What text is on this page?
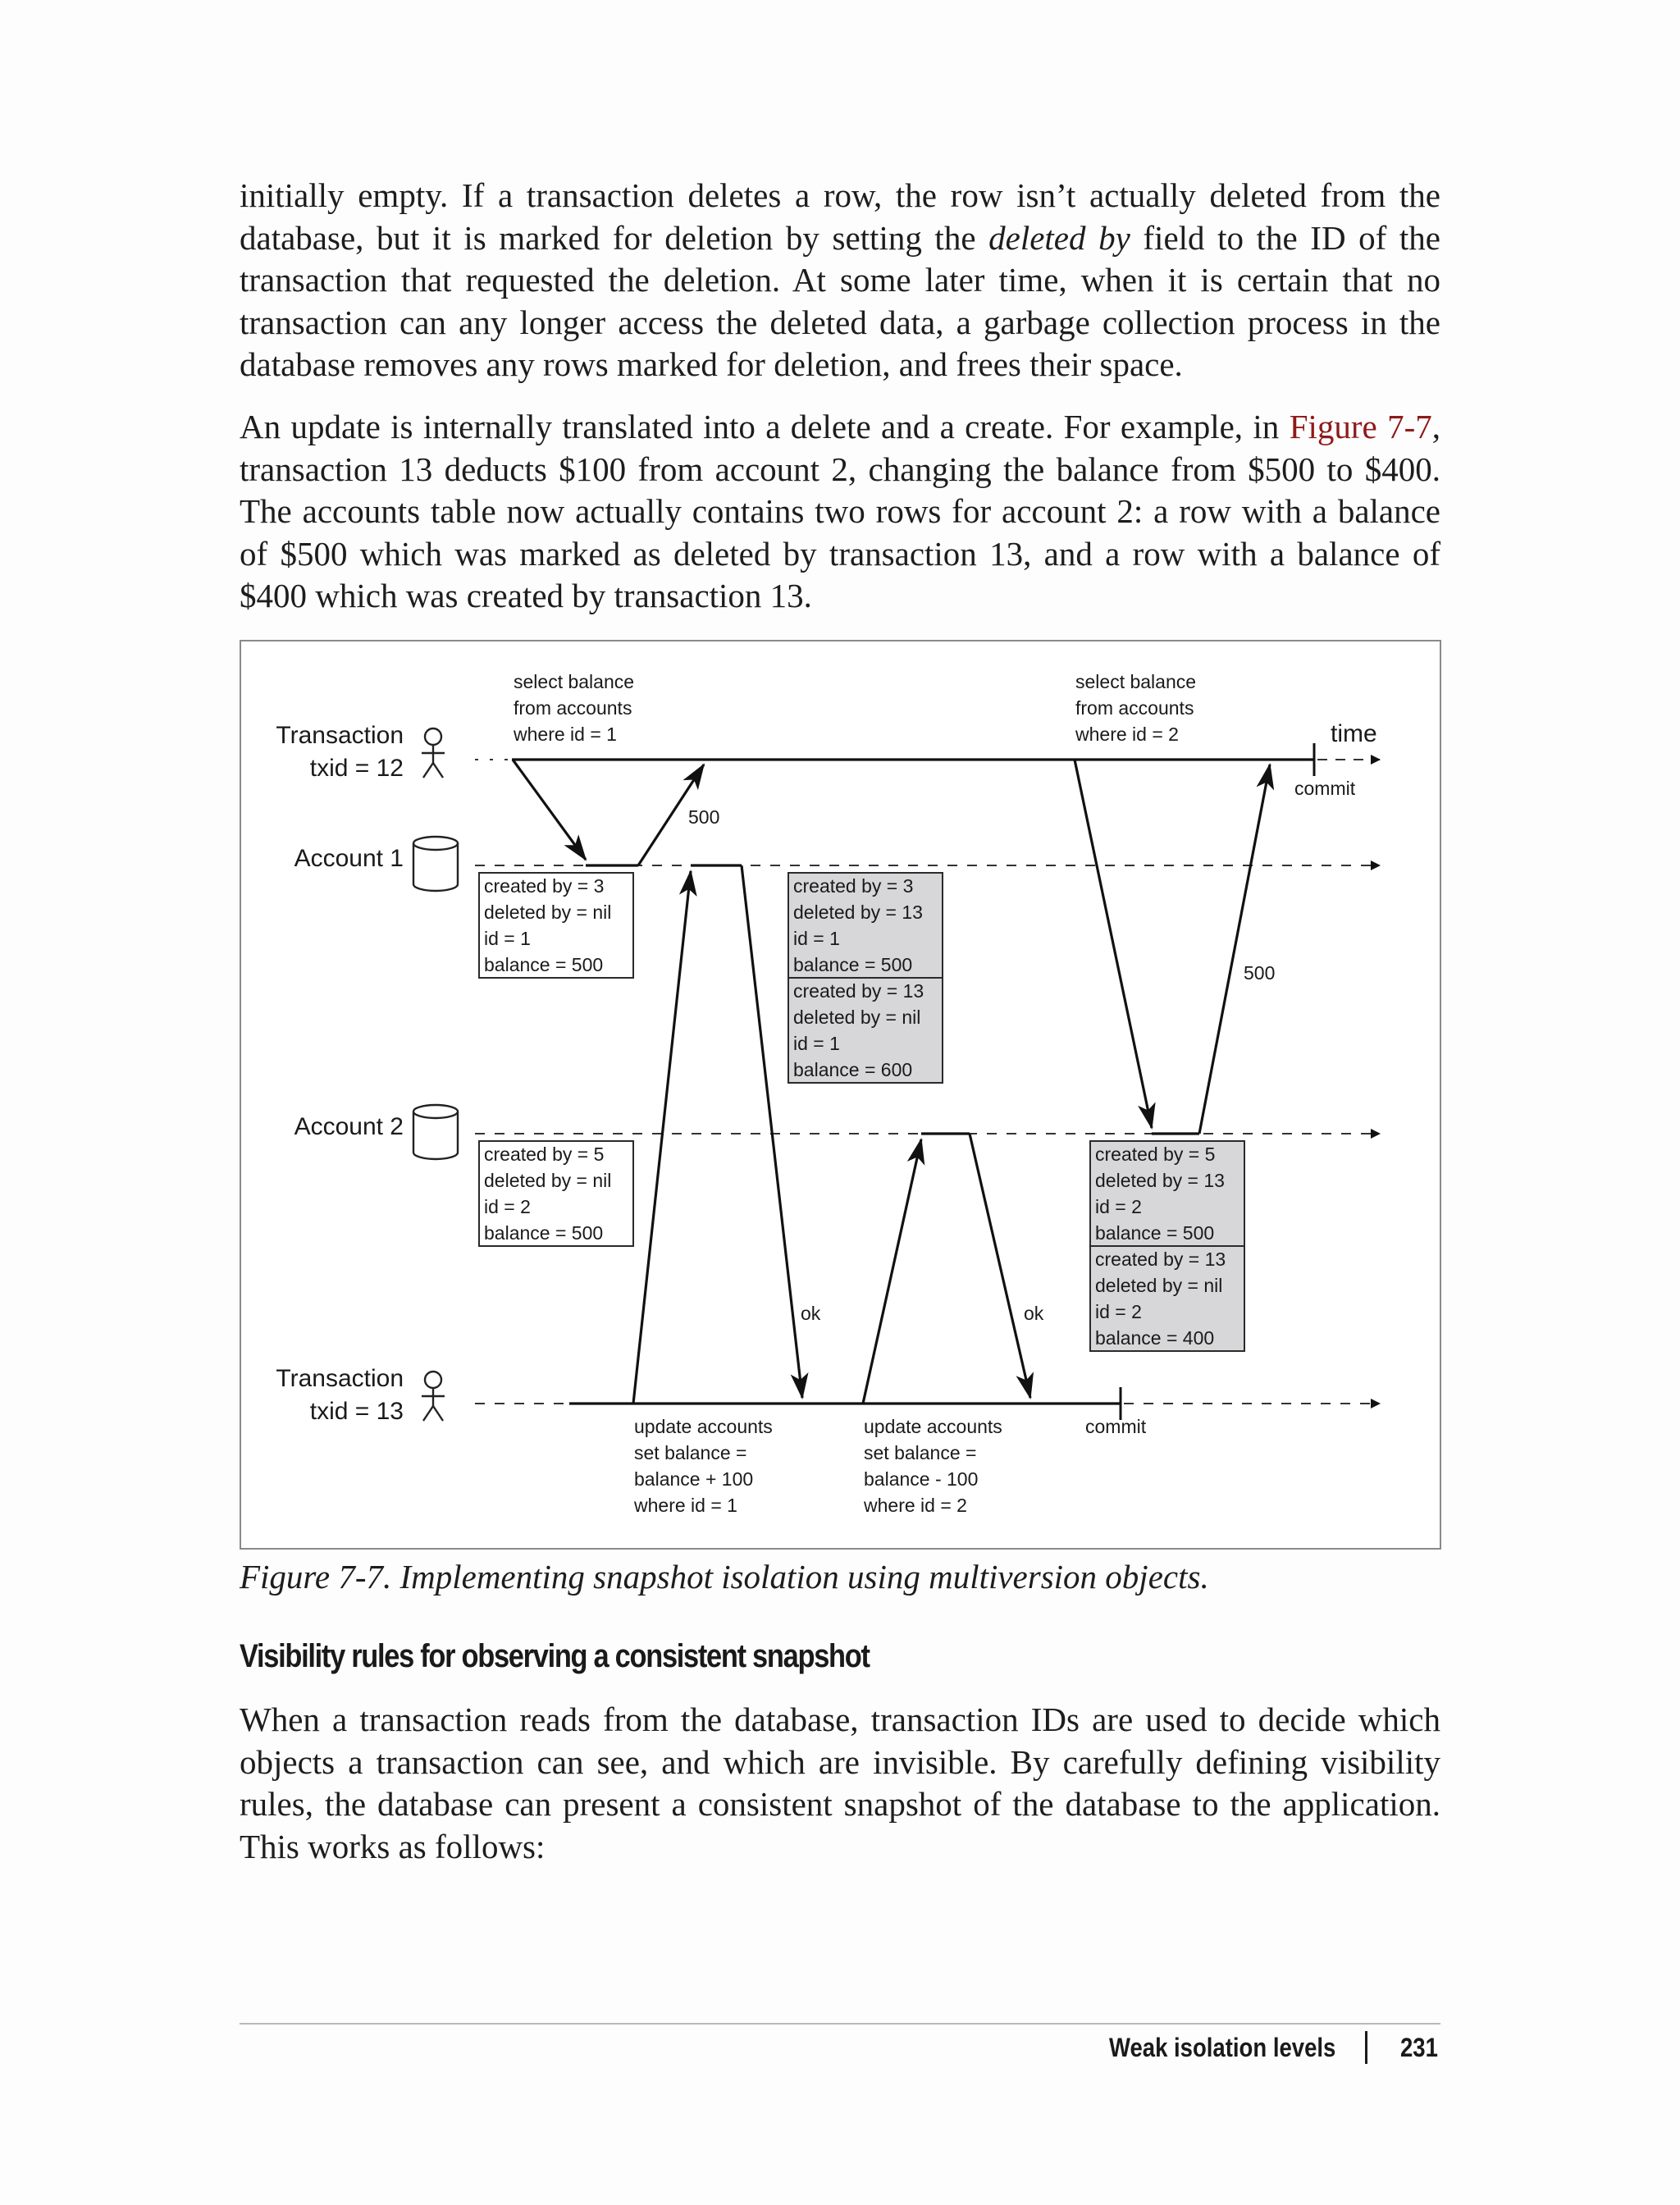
initially empty. If a transaction deletes a row, the row isn’t actually deleted from the database, but it is marked for deletion by setting the deleted by field to the ID of the transaction that requested the deletion. At some later time, when it is certain that no transaction can any longer access the deleted data, a garbage collection process in the database removes any rows marked for deletion, and frees their space.

An update is internally translated into a delete and a create. For example, in Figure 7-7, transaction 13 deducts $100 from account 2, changing the balance from $500 to $400. The accounts table now actually contains two rows for account 2: a row with a balance of $500 which was marked as deleted by transaction 13, and a row with a balance of $400 which was created by transaction 13.

Transaction
txid = 12
Account 1
Account 2
Transaction
txid = 13
created by = 3
deleted by = nil
id = 1
balance = 500
created by = 3
deleted by = 13
id = 1
balance = 500
created by = 13
deleted by = nil
id = 1
balance = 600
created by = 5
deleted by = nil
id = 2
balance = 500
created by = 5
deleted by = 13
id = 2
balance = 500
created by = 13
deleted by = nil
id = 2
balance = 400
select balance
from accounts
where id = 1
select balance
from accounts
where id = 2
update accounts
set balance =
balance + 100
where id = 1
update accounts
set balance =
balance - 100
where id = 2
500
500
ok	ok
commit
commit
time

Figure 7-7. Implementing snapshot isolation using multiversion objects.

Visibility rules for observing a consistent snapshot

When a transaction reads from the database, transaction IDs are used to decide which objects a transaction can see, and which are invisible. By carefully defining visibility rules, the database can present a consistent snapshot of the database to the application. This works as follows:

Weak isolation levels 231
